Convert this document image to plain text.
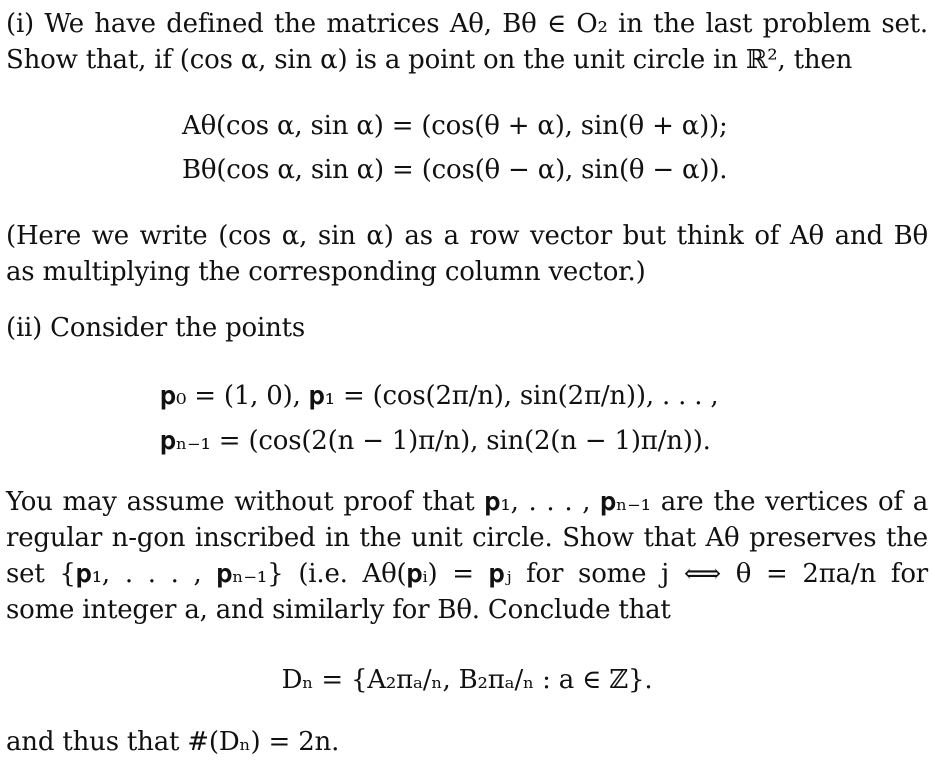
(i) We have defined the matrices Aθ, Bθ ∈ O₂ in the last problem set.
Show that, if (cos α, sin α) is a point on the unit circle in ℝ², then
Aθ(cos α, sin α) = (cos(θ + α), sin(θ + α));
Bθ(cos α, sin α) = (cos(θ − α), sin(θ − α)).
(Here we write (cos α, sin α) as a row vector but think of Aθ and Bθ
as multiplying the corresponding column vector.)
(ii) Consider the points
𝐩₀ = (1, 0), 𝐩₁ = (cos(2π/n), sin(2π/n)), . . . ,
𝐩ₙ₋₁ = (cos(2(n − 1)π/n), sin(2(n − 1)π/n)).
You may assume without proof that 𝐩₁, . . . , 𝐩ₙ₋₁ are the vertices of a
regular n-gon inscribed in the unit circle. Show that Aθ preserves the
set {𝐩₁, . . . , 𝐩ₙ₋₁} (i.e. Aθ(𝐩ᵢ) = 𝐩ⱼ for some j ⟺ θ = 2πa/n for
some integer a, and similarly for Bθ. Conclude that
Dₙ = {A₂πₐ/ₙ, B₂πₐ/ₙ : a ∈ ℤ}.
and thus that #(Dₙ) = 2n.
